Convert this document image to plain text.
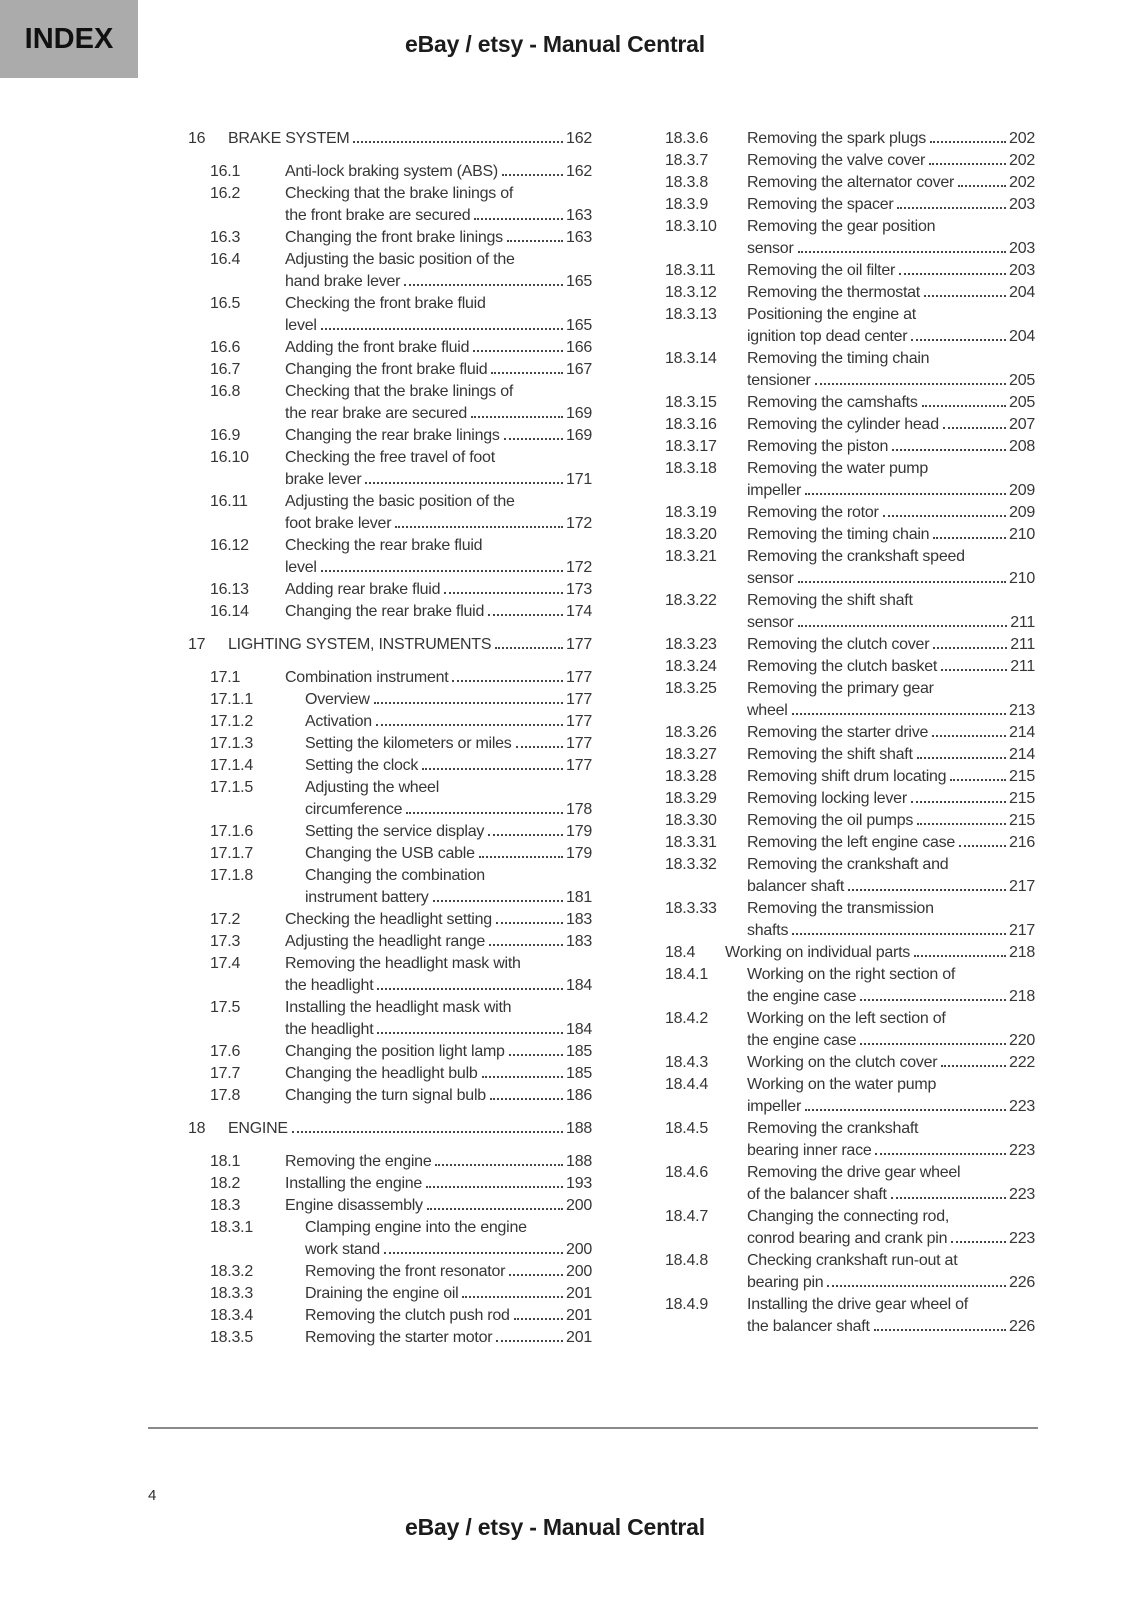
INDEX	eBay / etsy - Manual Central
16	BRAKE SYSTEM	162
16.1	Anti-lock braking system (ABS)	162
16.2	Checking that the brake linings of
the front brake are secured	163
16.3	Changing the front brake linings	163
16.4	Adjusting the basic position of the
hand brake lever	165
16.5	Checking the front brake fluid
level	165
16.6	Adding the front brake fluid	166
16.7	Changing the front brake fluid	167
16.8	Checking that the brake linings of
the rear brake are secured	169
16.9	Changing the rear brake linings	169
16.10	Checking the free travel of foot
brake lever	171
16.11	Adjusting the basic position of the
foot brake lever	172
16.12	Checking the rear brake fluid
level	172
16.13	Adding rear brake fluid	173
16.14	Changing the rear brake fluid	174
17	LIGHTING SYSTEM, INSTRUMENTS	177
17.1	Combination instrument	177
17.1.1	Overview	177
17.1.2	Activation	177
17.1.3	Setting the kilometers or miles	177
17.1.4	Setting the clock	177
17.1.5	Adjusting the wheel
circumference	178
17.1.6	Setting the service display	179
17.1.7	Changing the USB cable	179
17.1.8	Changing the combination
instrument battery	181
17.2	Checking the headlight setting	183
17.3	Adjusting the headlight range	183
17.4	Removing the headlight mask with
the headlight	184
17.5	Installing the headlight mask with
the headlight	184
17.6	Changing the position light lamp	185
17.7	Changing the headlight bulb	185
17.8	Changing the turn signal bulb	186
18	ENGINE	188
18.1	Removing the engine	188
18.2	Installing the engine	193
18.3	Engine disassembly	200
18.3.1	Clamping engine into the engine
work stand	200
18.3.2	Removing the front resonator	200
18.3.3	Draining the engine oil	201
18.3.4	Removing the clutch push rod	201
18.3.5	Removing the starter motor	201
18.3.6	Removing the spark plugs	202
18.3.7	Removing the valve cover	202
18.3.8	Removing the alternator cover	202
18.3.9	Removing the spacer	203
18.3.10	Removing the gear position
sensor	203
18.3.11	Removing the oil filter	203
18.3.12	Removing the thermostat	204
18.3.13	Positioning the engine at
ignition top dead center	204
18.3.14	Removing the timing chain
tensioner	205
18.3.15	Removing the camshafts	205
18.3.16	Removing the cylinder head	207
18.3.17	Removing the piston	208
18.3.18	Removing the water pump
impeller	209
18.3.19	Removing the rotor	209
18.3.20	Removing the timing chain	210
18.3.21	Removing the crankshaft speed
sensor	210
18.3.22	Removing the shift shaft
sensor	211
18.3.23	Removing the clutch cover	211
18.3.24	Removing the clutch basket	211
18.3.25	Removing the primary gear
wheel	213
18.3.26	Removing the starter drive	214
18.3.27	Removing the shift shaft	214
18.3.28	Removing shift drum locating	215
18.3.29	Removing locking lever	215
18.3.30	Removing the oil pumps	215
18.3.31	Removing the left engine case	216
18.3.32	Removing the crankshaft and
balancer shaft	217
18.3.33	Removing the transmission
shafts	217
18.4	Working on individual parts	218
18.4.1	Working on the right section of
the engine case	218
18.4.2	Working on the left section of
the engine case	220
18.4.3	Working on the clutch cover	222
18.4.4	Working on the water pump
impeller	223
18.4.5	Removing the crankshaft
bearing inner race	223
18.4.6	Removing the drive gear wheel
of the balancer shaft	223
18.4.7	Changing the connecting rod,
conrod bearing and crank pin	223
18.4.8	Checking crankshaft run-out at
bearing pin	226
18.4.9	Installing the drive gear wheel of
the balancer shaft	226
4
eBay / etsy - Manual Central
